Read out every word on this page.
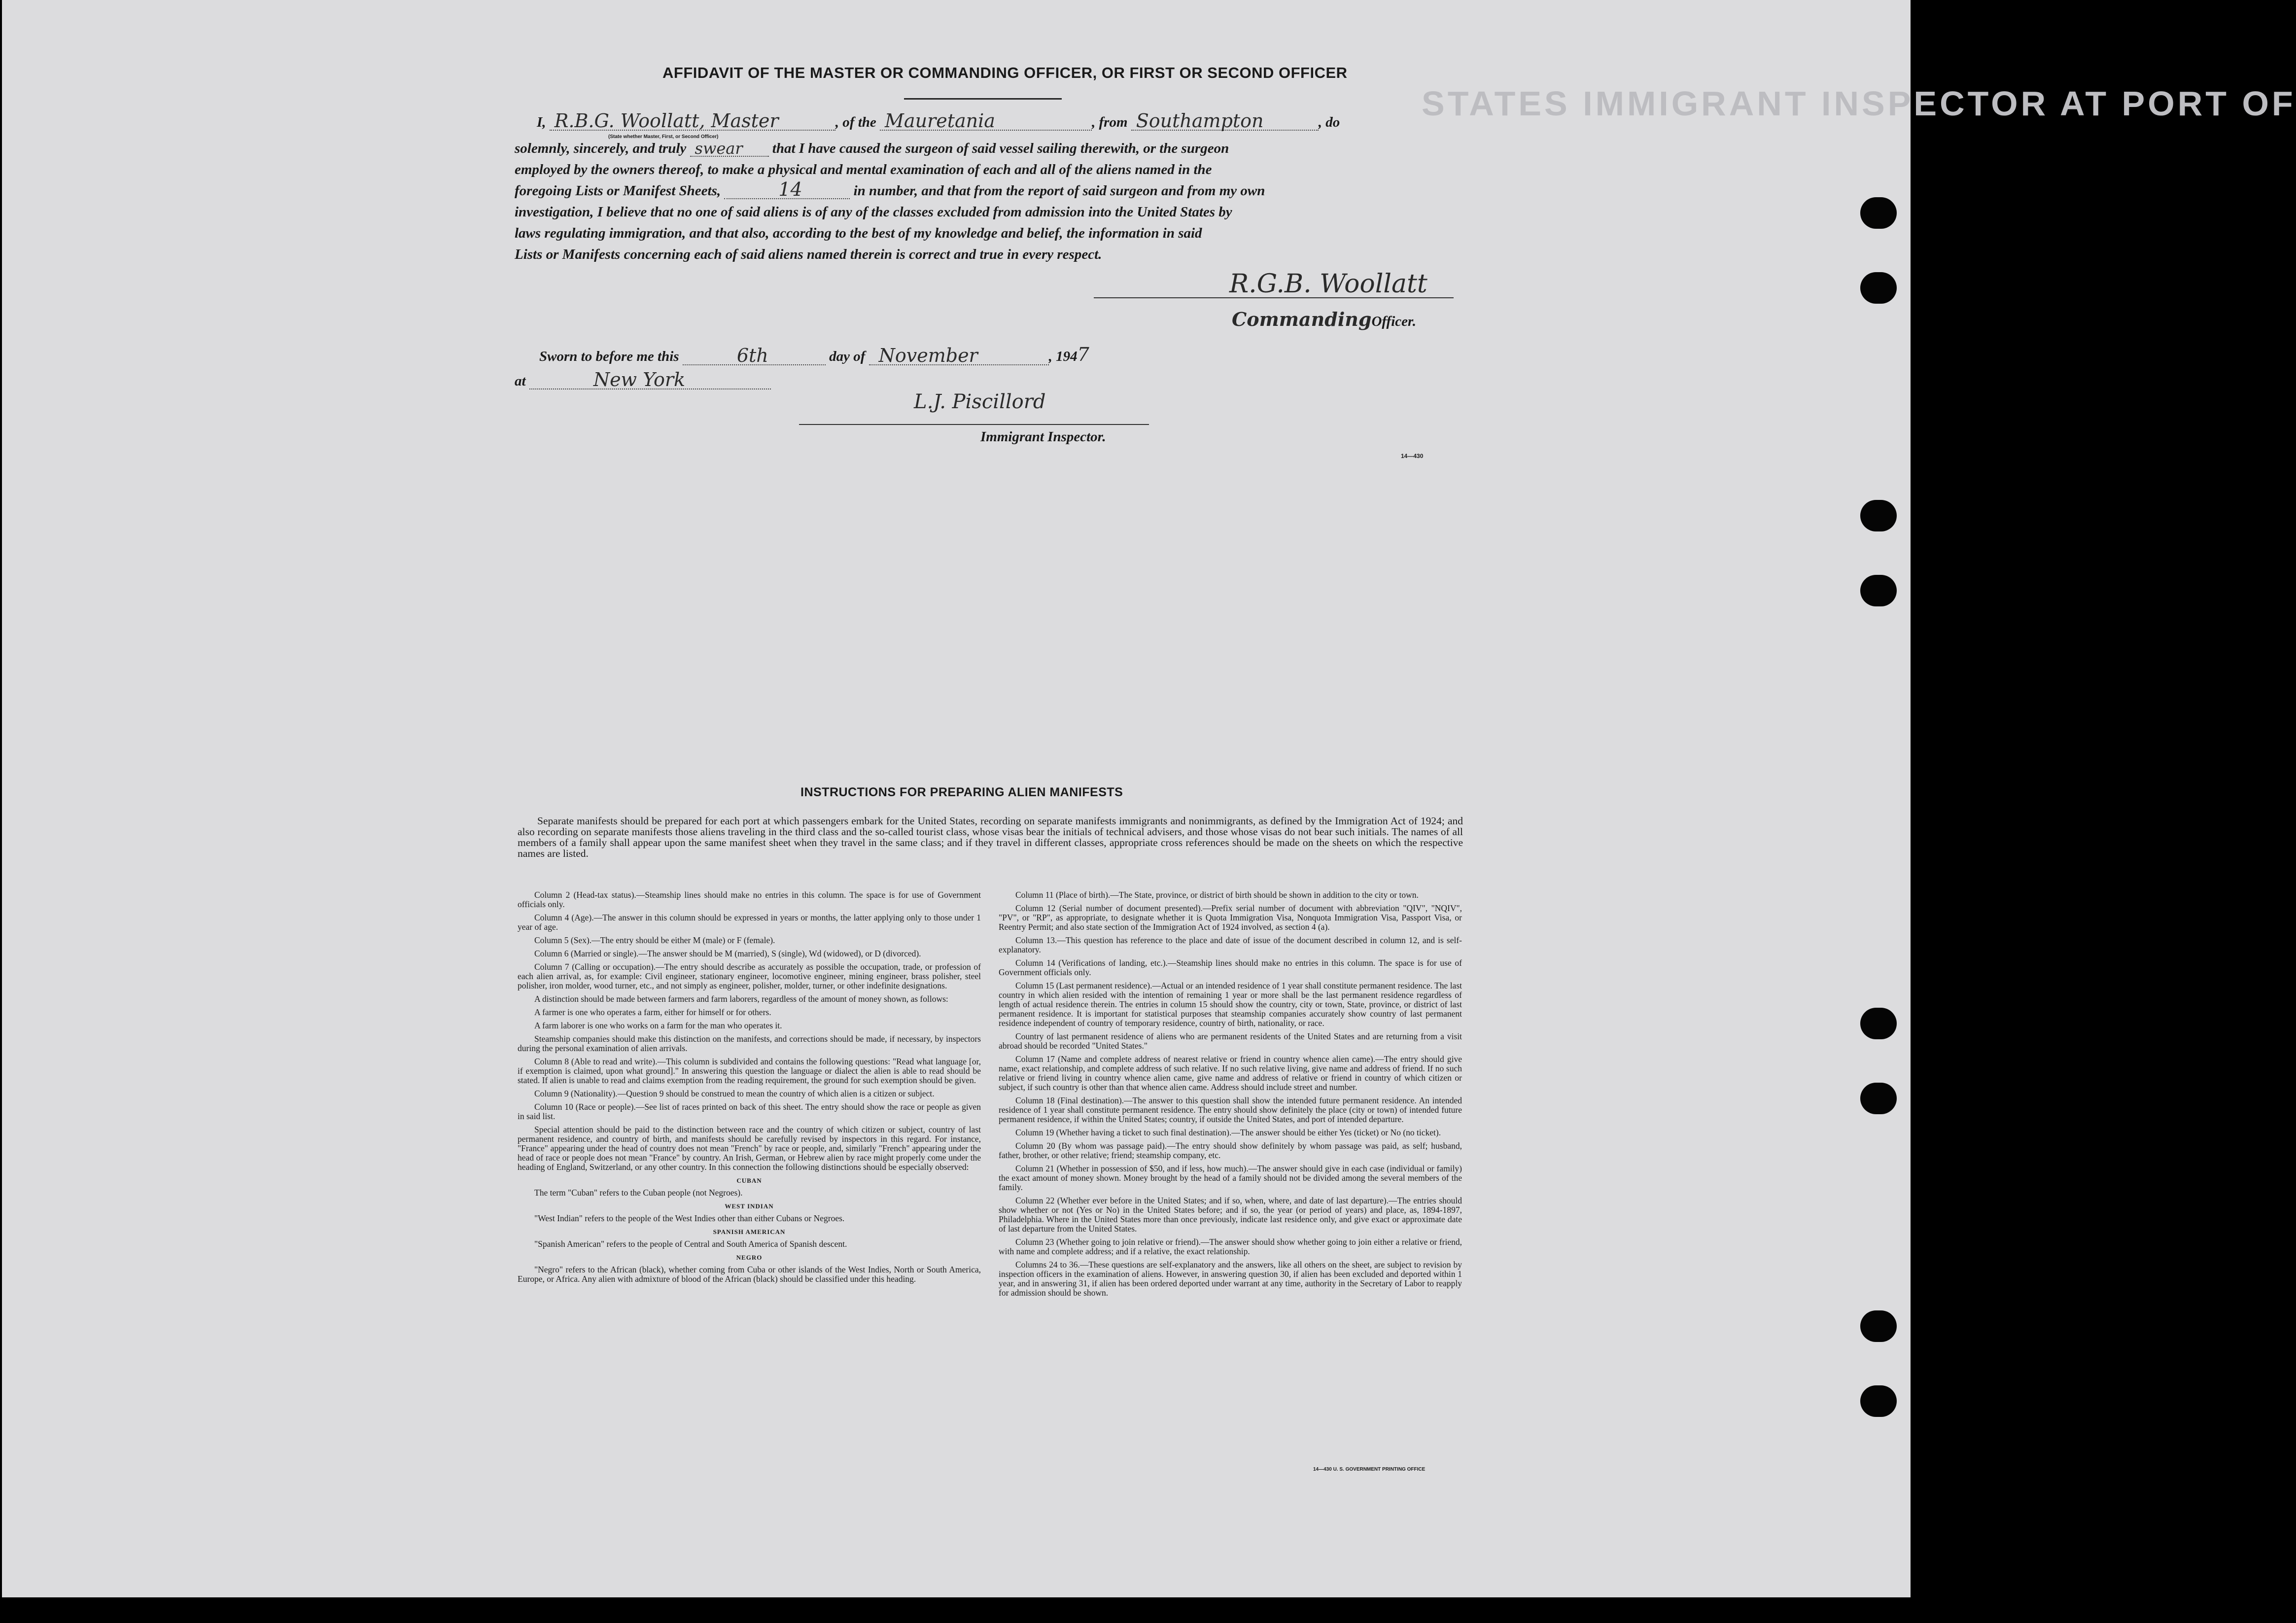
STATES IMMIGRANT INSPECTOR AT PORT OF
AFFIDAVIT OF THE MASTER OR COMMANDING OFFICER, OR FIRST OR SECOND OFFICER
I, R.B.G. Woollatt, Master	, of the Mauretania	, from Southampton	, do
(State whether Master, First, or Second Officer)
solemnly, sincerely, and truly swear that I have caused the surgeon of said vessel sailing therewith, or the surgeon
employed by the owners thereof, to make a physical and mental examination of each and all of the aliens named in the
foregoing Lists or Manifest Sheets,	14	in number, and that from the report of said surgeon and from my own
investigation, I believe that no one of said aliens is of any of the classes excluded from admission into the United States by
laws regulating immigration, and that also, according to the best of my knowledge and belief, the information in said
Lists or Manifests concerning each of said aliens named therein is correct and true in every respect.
R.G.B. Woollatt
CommandingOfficer.
Sworn to before me this	6th	day of November	, 1947
at	New York
L.J. Piscillord
Immigrant Inspector.
14—430
INSTRUCTIONS FOR PREPARING ALIEN MANIFESTS
Separate manifests should be prepared for each port at which passengers embark for the United States, recording on separate manifests immigrants and nonimmigrants, as defined by the Immigration Act of 1924; and also recording on separate manifests those aliens traveling in the third class and the so-called tourist class, whose visas bear the initials of technical advisers, and those whose visas do not bear such initials. The names of all members of a family shall appear upon the same manifest sheet when they travel in the same class; and if they travel in different classes, appropriate cross references should be made on the sheets on which the respective names are listed.

Column 2 (Head-tax status).—Steamship lines should make no entries in this column. The space is for use of Government officials only.

Column 4 (Age).—The answer in this column should be expressed in years or months, the latter applying only to those under 1 year of age.

Column 5 (Sex).—The entry should be either M (male) or F (female).

Column 6 (Married or single).—The answer should be M (married), S (single), Wd (widowed), or D (divorced).

Column 7 (Calling or occupation).—The entry should describe as accurately as possible the occupation, trade, or profession of each alien arrival, as, for example: Civil engineer, stationary engineer, locomotive engineer, mining engineer, brass polisher, steel polisher, iron molder, wood turner, etc., and not simply as engineer, polisher, molder, turner, or other indefinite designations.

A distinction should be made between farmers and farm laborers, regardless of the amount of money shown, as follows:

A farmer is one who operates a farm, either for himself or for others.

A farm laborer is one who works on a farm for the man who operates it.

Steamship companies should make this distinction on the manifests, and corrections should be made, if necessary, by inspectors during the personal examination of alien arrivals.

Column 8 (Able to read and write).—This column is subdivided and contains the following questions: "Read what language [or, if exemption is claimed, upon what ground]." In answering this question the language or dialect the alien is able to read should be stated. If alien is unable to read and claims exemption from the reading requirement, the ground for such exemption should be given.

Column 9 (Nationality).—Question 9 should be construed to mean the country of which alien is a citizen or subject.

Column 10 (Race or people).—See list of races printed on back of this sheet. The entry should show the race or people as given in said list.

Special attention should be paid to the distinction between race and the country of which citizen or subject, country of last permanent residence, and country of birth, and manifests should be carefully revised by inspectors in this regard. For instance, "France" appearing under the head of country does not mean "French" by race or people, and, similarly "French" appearing under the head of race or people does not mean "France" by country. An Irish, German, or Hebrew alien by race might properly come under the heading of England, Switzerland, or any other country. In this connection the following distinctions should be especially observed:

CUBAN

The term "Cuban" refers to the Cuban people (not Negroes).

WEST INDIAN

"West Indian" refers to the people of the West Indies other than either Cubans or Negroes.

SPANISH AMERICAN

"Spanish American" refers to the people of Central and South America of Spanish descent.

NEGRO

"Negro" refers to the African (black), whether coming from Cuba or other islands of the West Indies, North or South America, Europe, or Africa. Any alien with admixture of blood of the African (black) should be classified under this heading.

Column 11 (Place of birth).—The State, province, or district of birth should be shown in addition to the city or town.

Column 12 (Serial number of document presented).—Prefix serial number of document with abbreviation "QIV", "NQIV", "PV", or "RP", as appropriate, to designate whether it is Quota Immigration Visa, Nonquota Immigration Visa, Passport Visa, or Reentry Permit; and also state section of the Immigration Act of 1924 involved, as section 4 (a).

Column 13.—This question has reference to the place and date of issue of the document described in column 12, and is self-explanatory.

Column 14 (Verifications of landing, etc.).—Steamship lines should make no entries in this column. The space is for use of Government officials only.

Column 15 (Last permanent residence).—Actual or an intended residence of 1 year shall constitute permanent residence. The last country in which alien resided with the intention of remaining 1 year or more shall be the last permanent residence regardless of length of actual residence therein. The entries in column 15 should show the country, city or town, State, province, or district of last permanent residence. It is important for statistical purposes that steamship companies accurately show country of last permanent residence independent of country of temporary residence, country of birth, nationality, or race.

Country of last permanent residence of aliens who are permanent residents of the United States and are returning from a visit abroad should be recorded "United States."

Column 17 (Name and complete address of nearest relative or friend in country whence alien came).—The entry should give name, exact relationship, and complete address of such relative. If no such relative living, give name and address of friend. If no such relative or friend living in country whence alien came, give name and address of relative or friend in country of which citizen or subject, if such country is other than that whence alien came. Address should include street and number.

Column 18 (Final destination).—The answer to this question shall show the intended future permanent residence. An intended residence of 1 year shall constitute permanent residence. The entry should show definitely the place (city or town) of intended future permanent residence, if within the United States; country, if outside the United States, and port of intended departure.

Column 19 (Whether having a ticket to such final destination).—The answer should be either Yes (ticket) or No (no ticket).

Column 20 (By whom was passage paid).—The entry should show definitely by whom passage was paid, as self; husband, father, brother, or other relative; friend; steamship company, etc.

Column 21 (Whether in possession of $50, and if less, how much).—The answer should give in each case (individual or family) the exact amount of money shown. Money brought by the head of a family should not be divided among the several members of the family.

Column 22 (Whether ever before in the United States; and if so, when, where, and date of last departure).—The entries should show whether or not (Yes or No) in the United States before; and if so, the year (or period of years) and place, as, 1894-1897, Philadelphia. Where in the United States more than once previously, indicate last residence only, and give exact or approximate date of last departure from the United States.

Column 23 (Whether going to join relative or friend).—The answer should show whether going to join either a relative or friend, with name and complete address; and if a relative, the exact relationship.

Columns 24 to 36.—These questions are self-explanatory and the answers, like all others on the sheet, are subject to revision by inspection officers in the examination of aliens. However, in answering question 30, if alien has been excluded and deported within 1 year, and in answering 31, if alien has been ordered deported under warrant at any time, authority in the Secretary of Labor to reapply for admission should be shown.

14—430 U. S. GOVERNMENT PRINTING OFFICE
